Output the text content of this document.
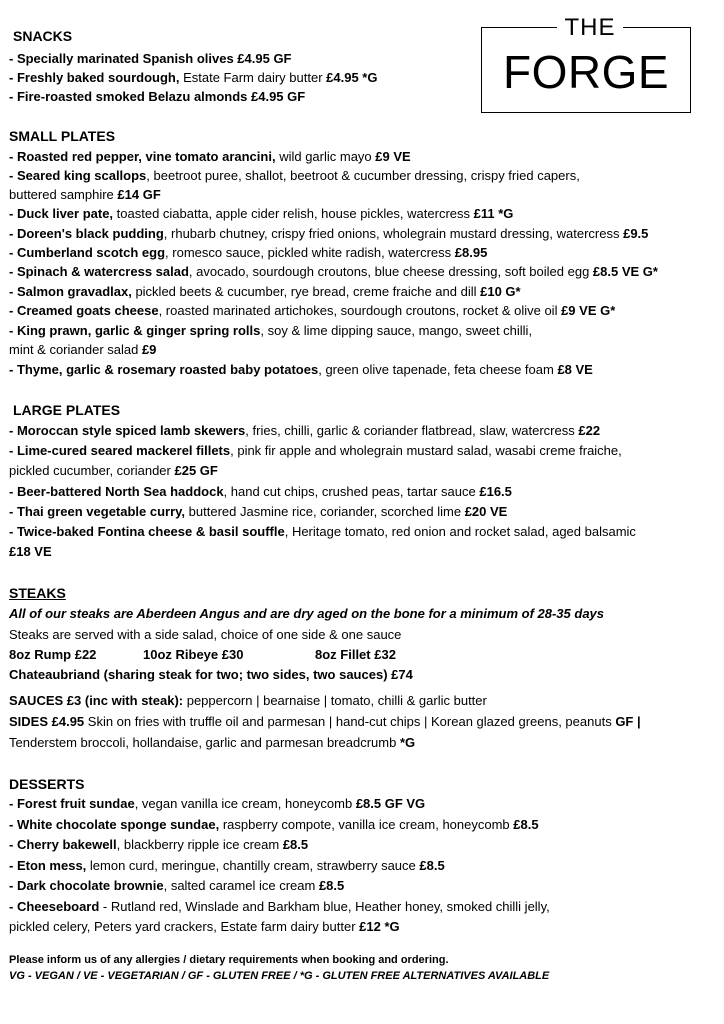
THE
FORGE
SNACKS
- Specially marinated Spanish olives £4.95 GF
- Freshly baked sourdough, Estate Farm dairy butter £4.95 *G
- Fire-roasted smoked Belazu almonds £4.95 GF
SMALL PLATES
- Roasted red pepper, vine tomato arancini, wild garlic mayo £9 VE
- Seared king scallops, beetroot puree, shallot, beetroot & cucumber dressing, crispy fried capers,
buttered samphire £14 GF
- Duck liver pate, toasted ciabatta, apple cider relish, house pickles, watercress £11 *G
- Doreen's black pudding, rhubarb chutney, crispy fried onions, wholegrain mustard dressing, watercress £9.5
- Cumberland scotch egg, romesco sauce, pickled white radish, watercress £8.95
- Spinach & watercress salad, avocado, sourdough croutons, blue cheese dressing, soft boiled egg £8.5 VE G*
- Salmon gravadlax, pickled beets & cucumber, rye bread, creme fraiche and dill £10 G*
- Creamed goats cheese, roasted marinated artichokes, sourdough croutons, rocket & olive oil £9 VE G*
- King prawn, garlic & ginger spring rolls, soy & lime dipping sauce, mango, sweet chilli,
mint & coriander salad £9
- Thyme, garlic & rosemary roasted baby potatoes, green olive tapenade, feta cheese foam £8 VE
LARGE PLATES
- Moroccan style spiced lamb skewers, fries, chilli, garlic & coriander flatbread, slaw, watercress £22
- Lime-cured seared mackerel fillets, pink fir apple and wholegrain mustard salad, wasabi creme fraiche,
pickled cucumber, coriander £25 GF
- Beer-battered North Sea haddock, hand cut chips, crushed peas, tartar sauce £16.5
- Thai green vegetable curry, buttered Jasmine rice, coriander, scorched lime £20 VE
- Twice-baked Fontina cheese & basil souffle, Heritage tomato, red onion and rocket salad, aged balsamic
£18 VE
STEAKS
All of our steaks are Aberdeen Angus and are dry aged on the bone for a minimum of 28-35 days
Steaks are served with a side salad, choice of one side & one sauce
8oz Rump £22	10oz Ribeye £30	8oz Fillet £32
Chateaubriand (sharing steak for two; two sides, two sauces) £74
SAUCES £3 (inc with steak): peppercorn | bearnaise | tomato, chilli & garlic butter
SIDES £4.95 Skin on fries with truffle oil and parmesan | hand-cut chips | Korean glazed greens, peanuts GF |
Tenderstem broccoli, hollandaise, garlic and parmesan breadcrumb *G
DESSERTS
- Forest fruit sundae, vegan vanilla ice cream, honeycomb £8.5 GF VG
- White chocolate sponge sundae, raspberry compote, vanilla ice cream, honeycomb £8.5
- Cherry bakewell, blackberry ripple ice cream £8.5
- Eton mess, lemon curd, meringue, chantilly cream, strawberry sauce £8.5
- Dark chocolate brownie, salted caramel ice cream £8.5
- Cheeseboard - Rutland red, Winslade and Barkham blue, Heather honey, smoked chilli jelly,
pickled celery, Peters yard crackers, Estate farm dairy butter £12 *G
Please inform us of any allergies / dietary requirements when booking and ordering.
VG - VEGAN / VE - VEGETARIAN / GF - GLUTEN FREE / *G - GLUTEN FREE ALTERNATIVES AVAILABLE
